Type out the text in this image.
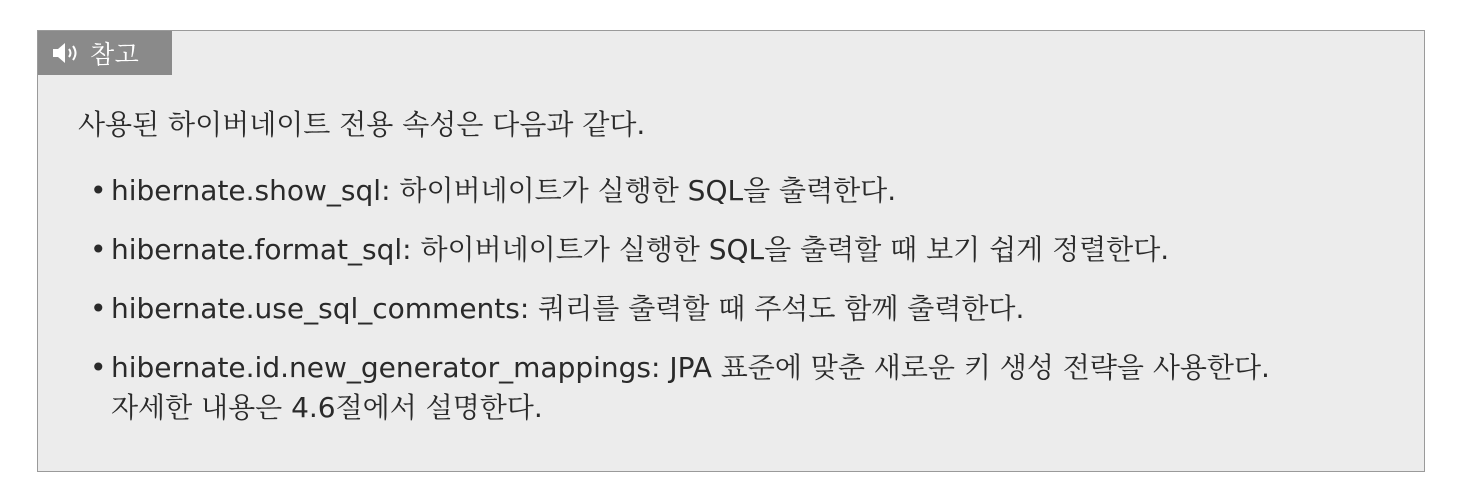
참고
사용된 하이버네이트 전용 속성은 다음과 같다.
• hibernate.show_sql: 하이버네이트가 실행한 SQL을 출력한다.
• hibernate.format_sql: 하이버네이트가 실행한 SQL을 출력할 때 보기 쉽게 정렬한다.
• hibernate.use_sql_comments: 쿼리를 출력할 때 주석도 함께 출력한다.
• hibernate.id.new_generator_mappings: JPA 표준에 맞춘 새로운 키 생성 전략을 사용한다.
자세한 내용은 4.6절에서 설명한다.
